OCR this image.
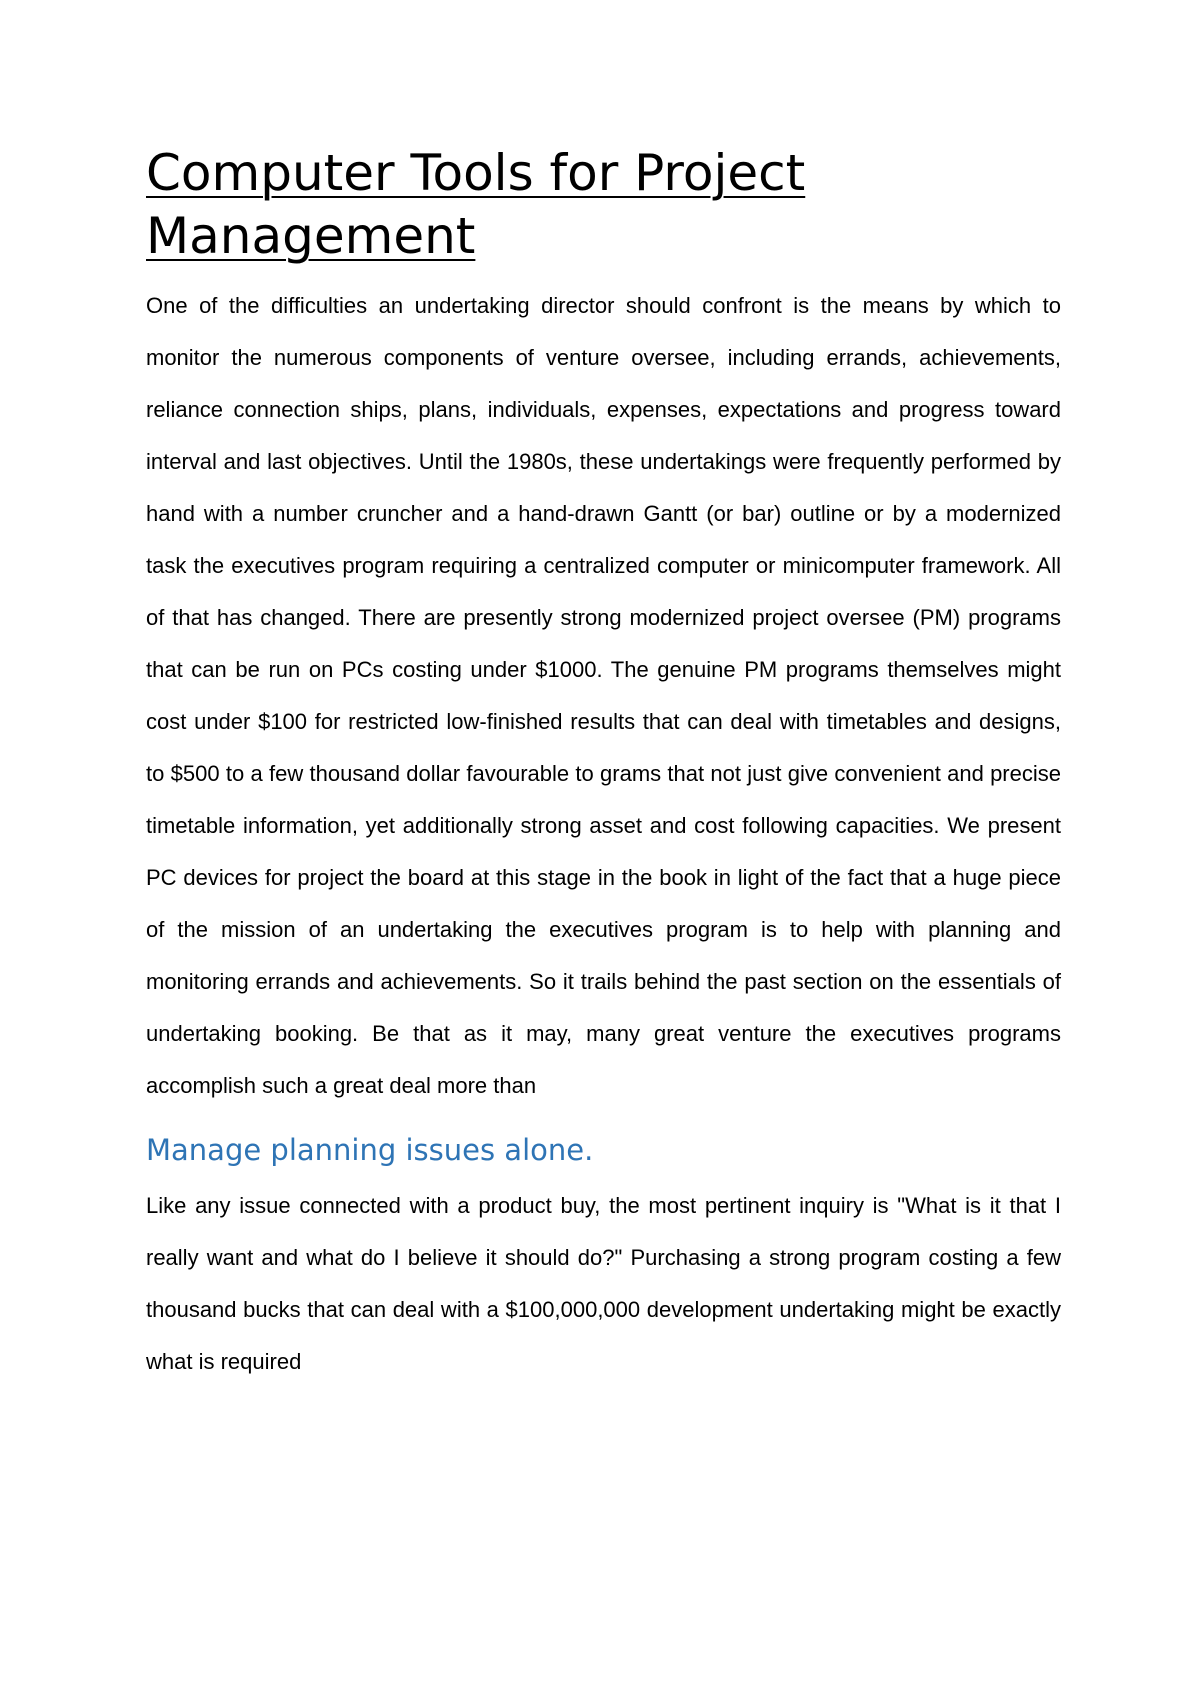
Computer Tools for Project Management

One of the difficulties an undertaking director should confront is the means by which to monitor the numerous components of venture oversee, including errands, achievements, reliance connection ships, plans, individuals, expenses, expectations and progress toward interval and last objectives. Until the 1980s, these undertakings were frequently performed by hand with a number cruncher and a hand-drawn Gantt (or bar) outline or by a modernized task the executives program requiring a centralized computer or minicomputer framework. All of that has changed. There are presently strong modernized project oversee (PM) programs that can be run on PCs costing under $1000. The genuine PM programs themselves might cost under $100 for restricted low-finished results that can deal with timetables and designs, to $500 to a few thousand dollar favourable to grams that not just give convenient and precise timetable information, yet additionally strong asset and cost following capacities. We present PC devices for project the board at this stage in the book in light of the fact that a huge piece of the mission of an undertaking the executives program is to help with planning and monitoring errands and achievements. So it trails behind the past section on the essentials of undertaking booking. Be that as it may, many great venture the executives programs accomplish such a great deal more than

Manage planning issues alone.

Like any issue connected with a product buy, the most pertinent inquiry is "What is it that I really want and what do I believe it should do?" Purchasing a strong program costing a few thousand bucks that can deal with a $100,000,000 development undertaking might be exactly what is required
